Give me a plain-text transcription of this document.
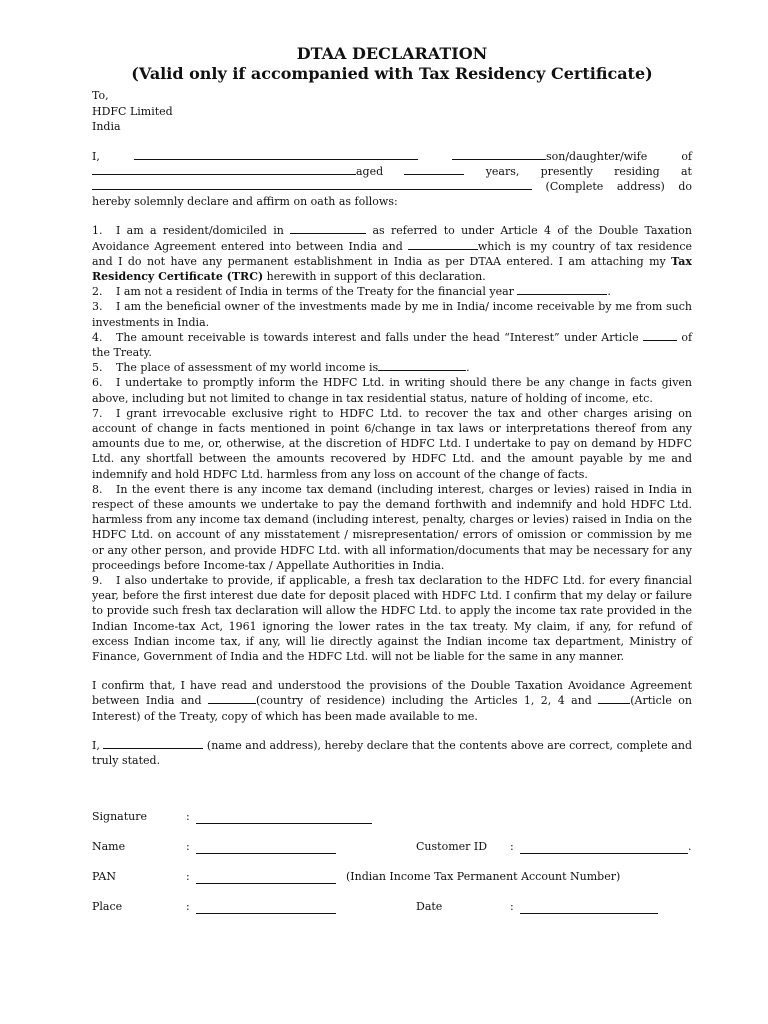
DTAA DECLARATION
(Valid only if accompanied with Tax Residency Certificate)
To,
HDFC Limited
India
I,	son/daughter/wife	of
aged	years, presently residing at
(Complete address) do
hereby solemnly declare and affirm on oath as follows:
1. I am a resident/domiciled in	as referred to under Article 4 of the Double Taxation Avoidance Agreement entered into between India and	which is my country of tax residence and I do not have any permanent establishment in India as per DTAA entered. I am attaching my Tax Residency Certificate (TRC) herewith in support of this declaration.
2. I am not a resident of India in terms of the Treaty for the financial year	.
3. I am the beneficial owner of the investments made by me in India/ income receivable by me from such investments in India.
4. The amount receivable is towards interest and falls under the head “Interest” under Article	of the Treaty.
5. The place of assessment of my world income is	.
6. I undertake to promptly inform the HDFC Ltd. in writing should there be any change in facts given above, including but not limited to change in tax residential status, nature of holding of income, etc.
7. I grant irrevocable exclusive right to HDFC Ltd. to recover the tax and other charges arising on account of change in facts mentioned in point 6/change in tax laws or interpretations thereof from any amounts due to me, or, otherwise, at the discretion of HDFC Ltd. I undertake to pay on demand by HDFC Ltd. any shortfall between the amounts recovered by HDFC Ltd. and the amount payable by me and indemnify and hold HDFC Ltd. harmless from any loss on account of the change of facts.
8. In the event there is any income tax demand (including interest, charges or levies) raised in India in respect of these amounts we undertake to pay the demand forthwith and indemnify and hold HDFC Ltd. harmless from any income tax demand (including interest, penalty, charges or levies) raised in India on the HDFC Ltd. on account of any misstatement / misrepresentation/ errors of omission or commission by me or any other person, and provide HDFC Ltd. with all information/documents that may be necessary for any proceedings before Income-tax / Appellate Authorities in India.
9. I also undertake to provide, if applicable, a fresh tax declaration to the HDFC Ltd. for every financial year, before the first interest due date for deposit placed with HDFC Ltd. I confirm that my delay or failure to provide such fresh tax declaration will allow the HDFC Ltd. to apply the income tax rate provided in the Indian Income-tax Act, 1961 ignoring the lower rates in the tax treaty. My claim, if any, for refund of excess Indian income tax, if any, will lie directly against the Indian income tax department, Ministry of Finance, Government of India and the HDFC Ltd. will not be liable for the same in any manner.
I confirm that, I have read and understood the provisions of the Double Taxation Avoidance Agreement between India and	(country of residence) including the Articles 1, 2, 4 and	(Article on Interest) of the Treaty, copy of which has been made available to me.
I,	(name and address), hereby declare that the contents above are correct, complete and truly stated.
Signature	:
Name	:	Customer ID	:	.
PAN	:	(Indian Income Tax Permanent Account Number)
Place	:	Date	:
